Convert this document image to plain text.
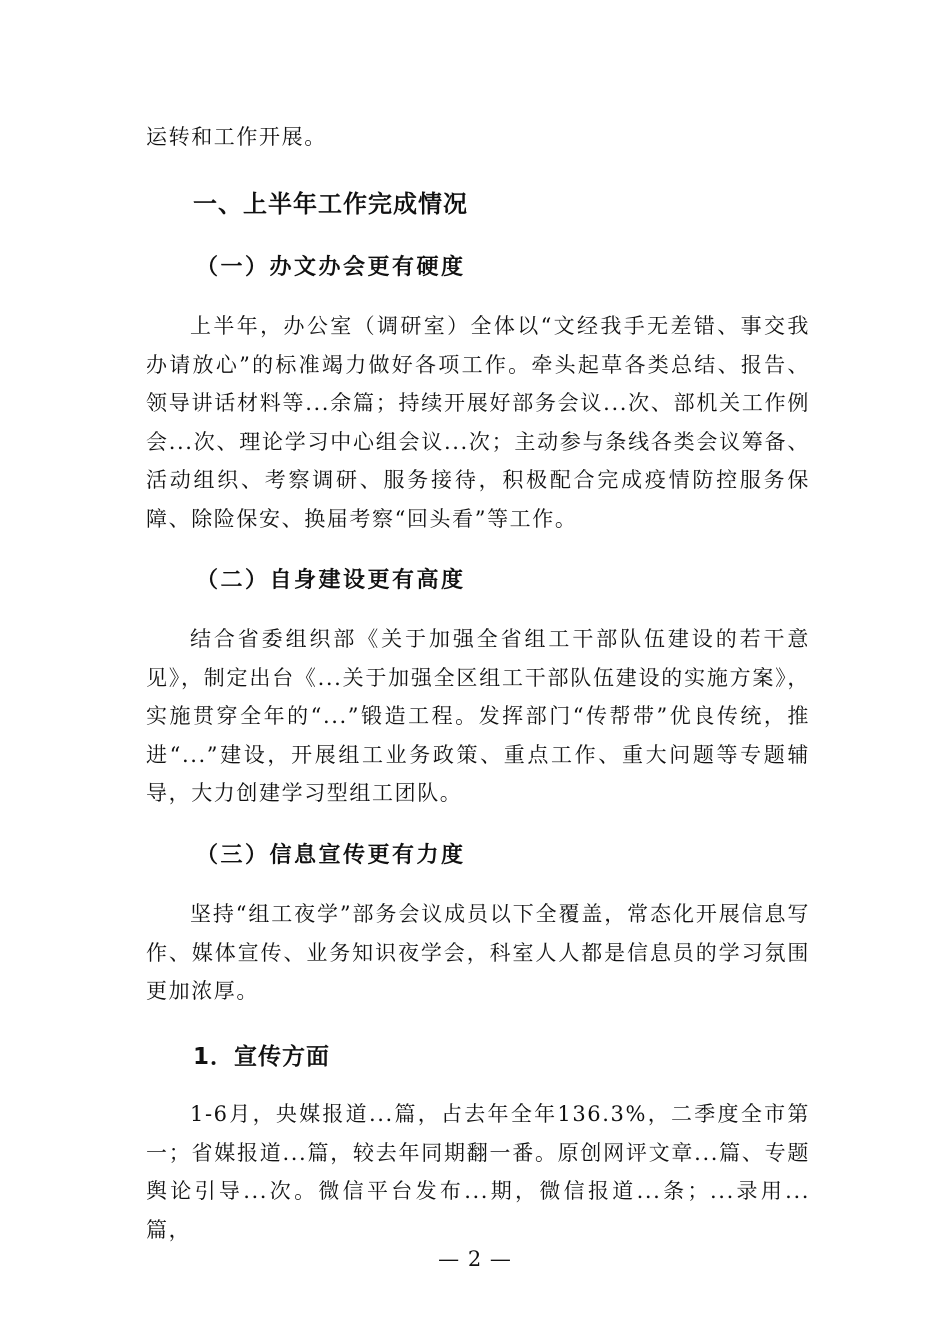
运转和工作开展。
一、上半年工作完成情况
（一）办文办会更有硬度
上半年，办公室（调研室）全体以“文经我手无差错、事交我办请放心”的标准竭力做好各项工作。牵头起草各类总结、报告、领导讲话材料等...余篇；持续开展好部务会议...次、部机关工作例会...次、理论学习中心组会议...次；主动参与条线各类会议筹备、活动组织、考察调研、服务接待，积极配合完成疫情防控服务保障、除险保安、换届考察“回头看”等工作。
（二）自身建设更有高度
结合省委组织部《关于加强全省组工干部队伍建设的若干意见》，制定出台《...关于加强全区组工干部队伍建设的实施方案》，实施贯穿全年的“...”锻造工程。发挥部门“传帮带”优良传统，推进“...”建设，开展组工业务政策、重点工作、重大问题等专题辅导，大力创建学习型组工团队。
（三）信息宣传更有力度
坚持“组工夜学”部务会议成员以下全覆盖，常态化开展信息写作、媒体宣传、业务知识夜学会，科室人人都是信息员的学习氛围更加浓厚。
1．宣传方面
1-6月，央媒报道...篇，占去年全年136.3%，二季度全市第一；省媒报道...篇，较去年同期翻一番。原创网评文章...篇、专题舆论引导...次。微信平台发布...期，微信报道...条；...录用...篇，
— 2 —
